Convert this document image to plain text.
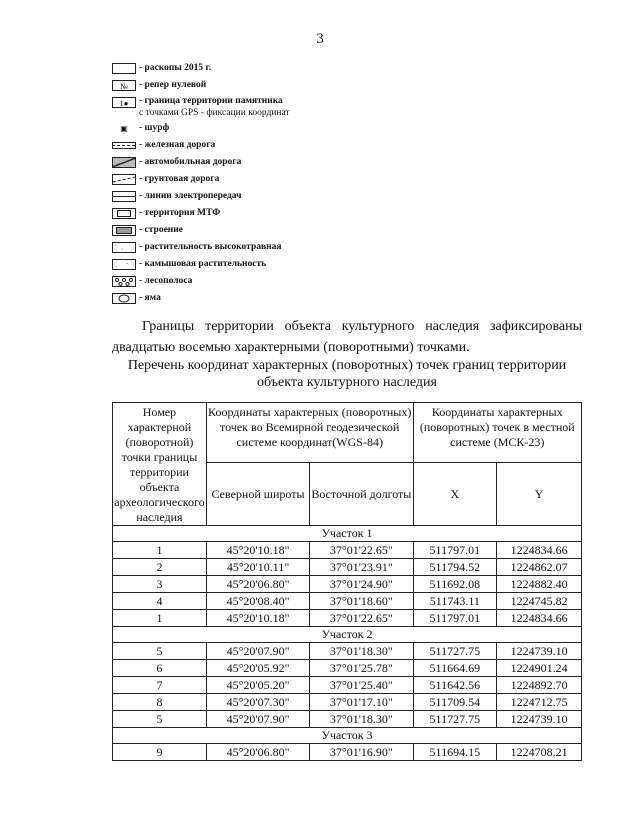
3
- раскопы 2015 г.
№	- репер нулевой
1●	- граница территории памятника
с точками GPS - фиксации координат
▣	- шурф
- железная дорога
- автомобильная дорога
- грунтовая дорога
- линии электропередач
- территория МТФ
- строение
'	'
' - растительность высокотравная
. - - камышовая растительность
- лесополоса
- яма
Границы территории объекта культурного наследия зафиксированы двадцатью восемью характерными (поворотными) точками.
Перечень координат характерных (поворотных) точек границ территории объекта культурного наследия
Номер характерной (поворотной) точки границы территории объекта археологического наследия	Координаты характерных (поворотных) точек во Всемирной геодезической системе координат(WGS-84)		Координаты характерных (поворотных) точек в местной системе (МСК-23)	
	Северной широты	Восточной долготы	X	Y
Участок 1				
1	45°20'10.18"	37°01'22.65"	511797.01	1224834.66
2	45°20'10.11"	37°01'23.91"	511794.52	1224862.07
3	45°20'06.80"	37°01'24.90"	511692.08	1224882.40
4	45°20'08.40"	37°01'18.60"	511743.11	1224745.82
1	45°20'10.18"	37°01'22.65"	511797.01	1224834.66
Участок 2				
5	45°20'07.90"	37°01'18.30"	511727.75	1224739.10
6	45°20'05.92"	37°01'25.78"	511664.69	1224901.24
7	45°20'05.20"	37°01'25.40"	511642.56	1224892.70
8	45°20'07.30"	37°01'17.10"	511709.54	1224712.75
5	45°20'07.90"	37°01'18.30"	511727.75	1224739.10
Участок 3				
9	45°20'06.80"	37°01'16.90"	511694.15	1224708.21
